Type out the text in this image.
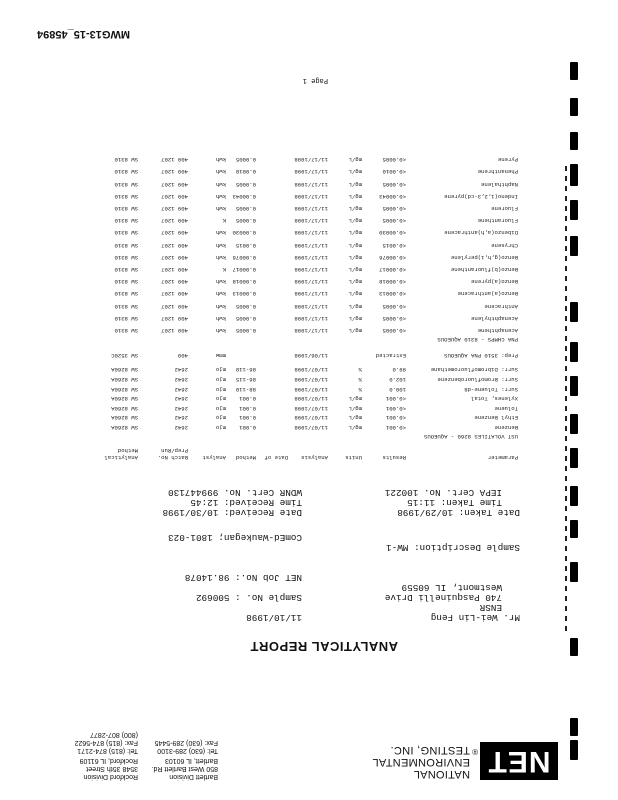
NET
®
NATIONAL
ENVIRONMENTAL
TESTING, INC.
Bartlett Division
850 West Bartlett Rd.
Bartlett, IL 60103
Tel: (630) 289-3100
Fax: (630) 289-5445
Rockford Division
3548 35th Street
Rockford, IL 61109
Tel: (815) 874-2171
Fax: (815) 874-5622
(800) 807-2877
ANALYTICAL REPORT
Mr. Wei-Lin Feng
ENSR
740 Pasquinelli Drive
Westmont, IL 60559
11/10/1998
Sample No. : 500692
NET Job No.: 98.14078
Sample Description: MW-1
ComEd-Waukegan; 1801-023
Date Taken: 10/29/1998
Time Taken: 11:15
IEPA Cert. No. 100221
Date Received: 10/30/1998
Time Received: 12:45
WDNR Cert. No. 999447130
Parameter
Results
Units
Analysis
Date of
Method
Analyst
Batch No.
Analytical
Prep/Run
Method
UST VOLATILES 8260 - AQUEOUS
Benzene
<0.001
mg/L
11/07/1998
0.001
mjo
2642
SW 8260A
Ethyl Benzene
<0.001
mg/L
11/07/1998
0.001
mjo
2642
SW 8260A
Toluene
<0.001
mg/L
11/07/1998
0.001
mjo
2642
SW 8260A
Xylenes, Total
<0.001
mg/L
11/07/1998
0.001
mjo
2642
SW 8260A
Surr: Toluene-d8
100.0
%
11/07/1998
88-110
mjo
2642
SW 8260A
Surr: Bromofluorobenzene
102.0
%
11/07/1998
86-115
mjo
2642
SW 8260A
Surr: Dibromofluoromethane
99.0
%
11/07/1998
86-118
mjo
2642
SW 8260A
Prep: 3510 PNA AQUEOUS
Extracted
11/06/1998
mmw
409
SW 3520C
PNA CHMPS - 8310 AQUEOUS
Acenaphthene
<0.0005
mg/L
11/17/1998
0.0005
kwh
409 1207
SW 8310
Acenaphthylene
<0.0005
mg/L
11/17/1998
0.0005
kwh
409 1207
SW 8310
Anthracene
<0.0005
mg/L
11/17/1998
0.0005
kwh
409 1207
SW 8310
Benzo(a)anthracene
<0.00013
mg/L
11/17/1998
0.00013
kwh
409 1207
SW 8310
Benzo(a)pyrene
<0.00018
mg/L
11/17/1998
0.00018
kwh
409 1207
SW 8310
Benzo(b)fluoranthene
<0.00017
mg/L
11/17/1998
0.00017
K
409 1207
SW 8310
Benzo(g,h,i)perylene
<0.00076
mg/L
11/17/1998
0.00076
kwh
409 1207
SW 8310
Chrysene
<0.0015
mg/L
11/17/1998
0.0015
kwh
409 1207
SW 8310
Dibenzo(a,h)anthracene
<0.00030
mg/L
11/17/1998
0.00030
kwh
409 1207
SW 8310
Fluoranthene
<0.0005
mg/L
11/17/1998
0.0005
K
409 1207
SW 8310
Fluorene
<0.0005
mg/L
11/17/1998
0.0005
kwh
409 1207
SW 8310
Indeno(1,2,3-cd)pyrene
<0.00043
mg/L
11/17/1998
0.00043
kwh
409 1207
SW 8310
Naphthalene
<0.0005
mg/L
11/17/1998
0.0005
kwh
409 1207
SW 8310
Phenanthrene
<0.0010
mg/L
11/17/1998
0.0010
kwh
409 1207
SW 8310
Pyrene
<0.0005
mg/L
11/17/1998
0.0005
kwh
409 1207
SW 8310
Page 1
MWG13-15_45894
